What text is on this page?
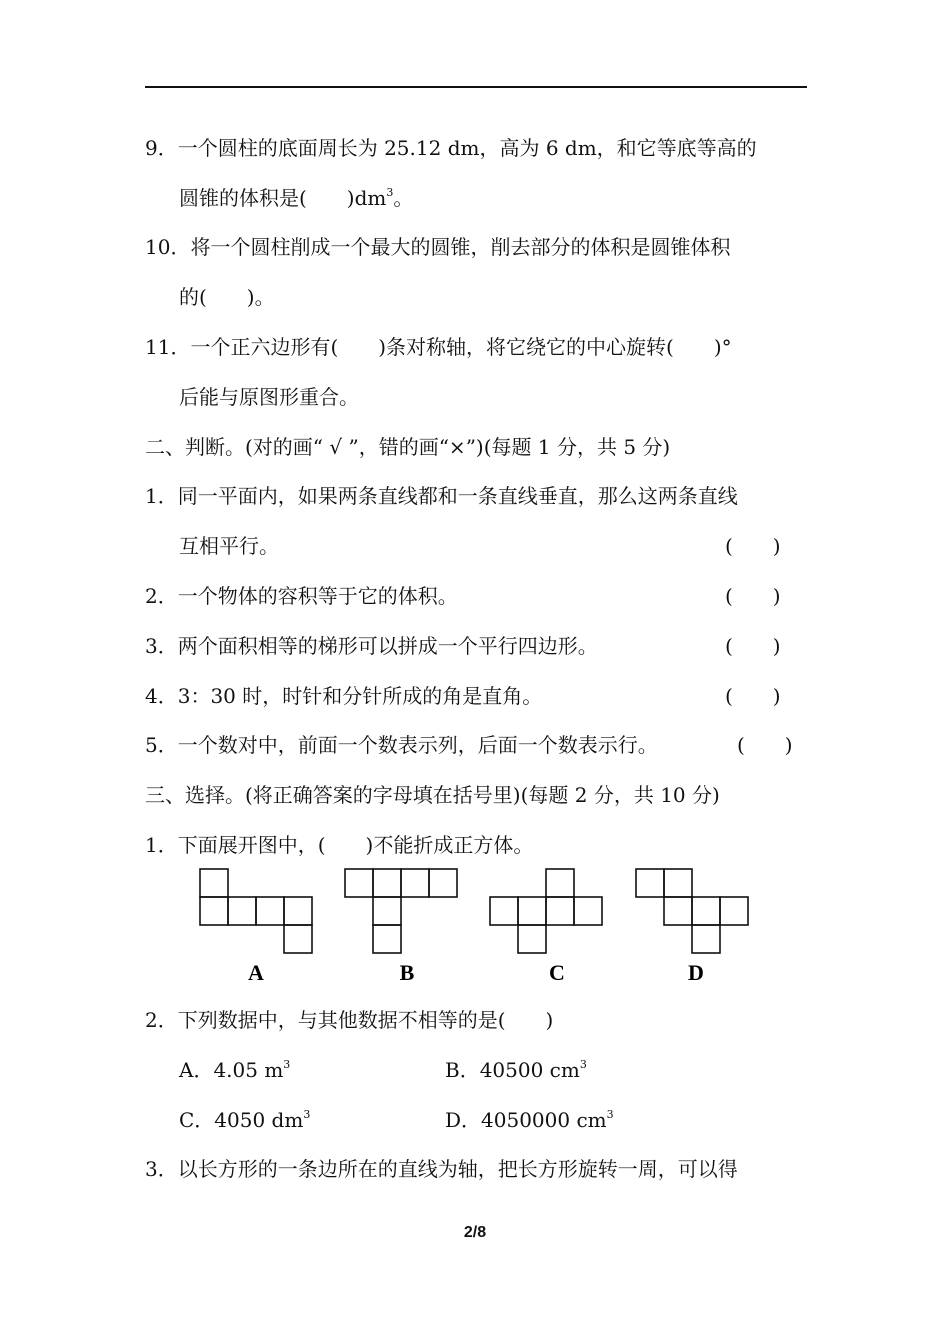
9．一个圆柱的底面周长为 25.12 dm，高为 6 dm，和它等底等高的
圆锥的体积是(　　)$dm^3$。
10．将一个圆柱削成一个最大的圆锥，削去部分的体积是圆锥体积
的(　　)。
11．一个正六边形有(　　)条对称轴，将它绕它的中心旋转(　　)°
后能与原图形重合。
二、判断。(对的画“ √ ”，错的画“×”)(每题 1 分，共 5 分)
1．同一平面内，如果两条直线都和一条直线垂直，那么这两条直线
互相平行。	(　　)
2．一个物体的容积等于它的体积。	(　　)
3．两个面积相等的梯形可以拼成一个平行四边形。	(　　)
4．3：30 时，时针和分针所成的角是直角。	(　　)
5．一个数对中，前面一个数表示列，后面一个数表示行。	(　　)
三、选择。(将正确答案的字母填在括号里)(每题 2 分，共 10 分)
1．下面展开图中，(　　)不能折成正方体。
A	B	C	D
2．下列数据中，与其他数据不相等的是(　　)
A．4.05 $m^3$	B．40500 $cm^3$
C．4050 $dm^3$	D．4050000 $cm^3$
3．以长方形的一条边所在的直线为轴，把长方形旋转一周，可以得
2/8
